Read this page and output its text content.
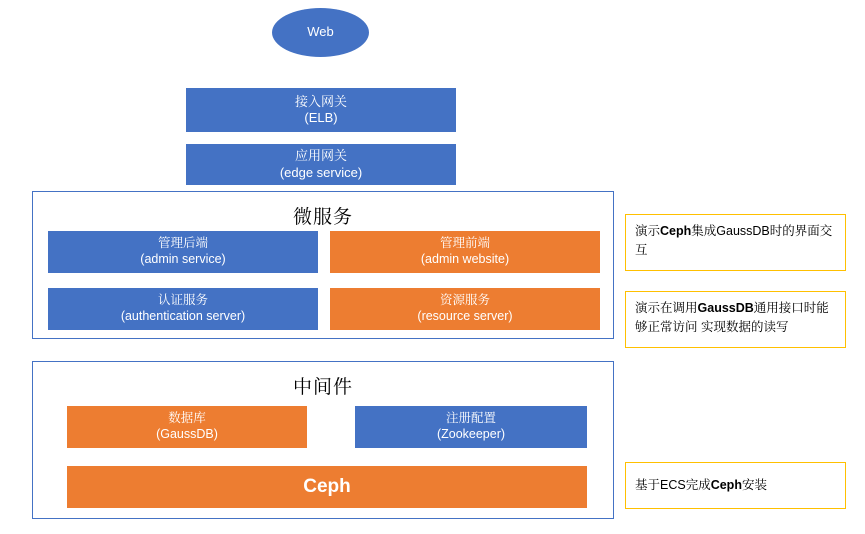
Web
接入网关
(ELB)
应用网关
(edge service)
微服务
管理后端
(admin service)
管理前端
(admin website)
认证服务
(authentication server)
资源服务
(resource server)
中间件
数据库
(GaussDB)
注册配置
(Zookeeper)
Ceph
演示Ceph集成GaussDB时的界面交互
演示在调用GaussDB通用接口时能够正常访问 实现数据的读写
基于ECS完成Ceph安装
